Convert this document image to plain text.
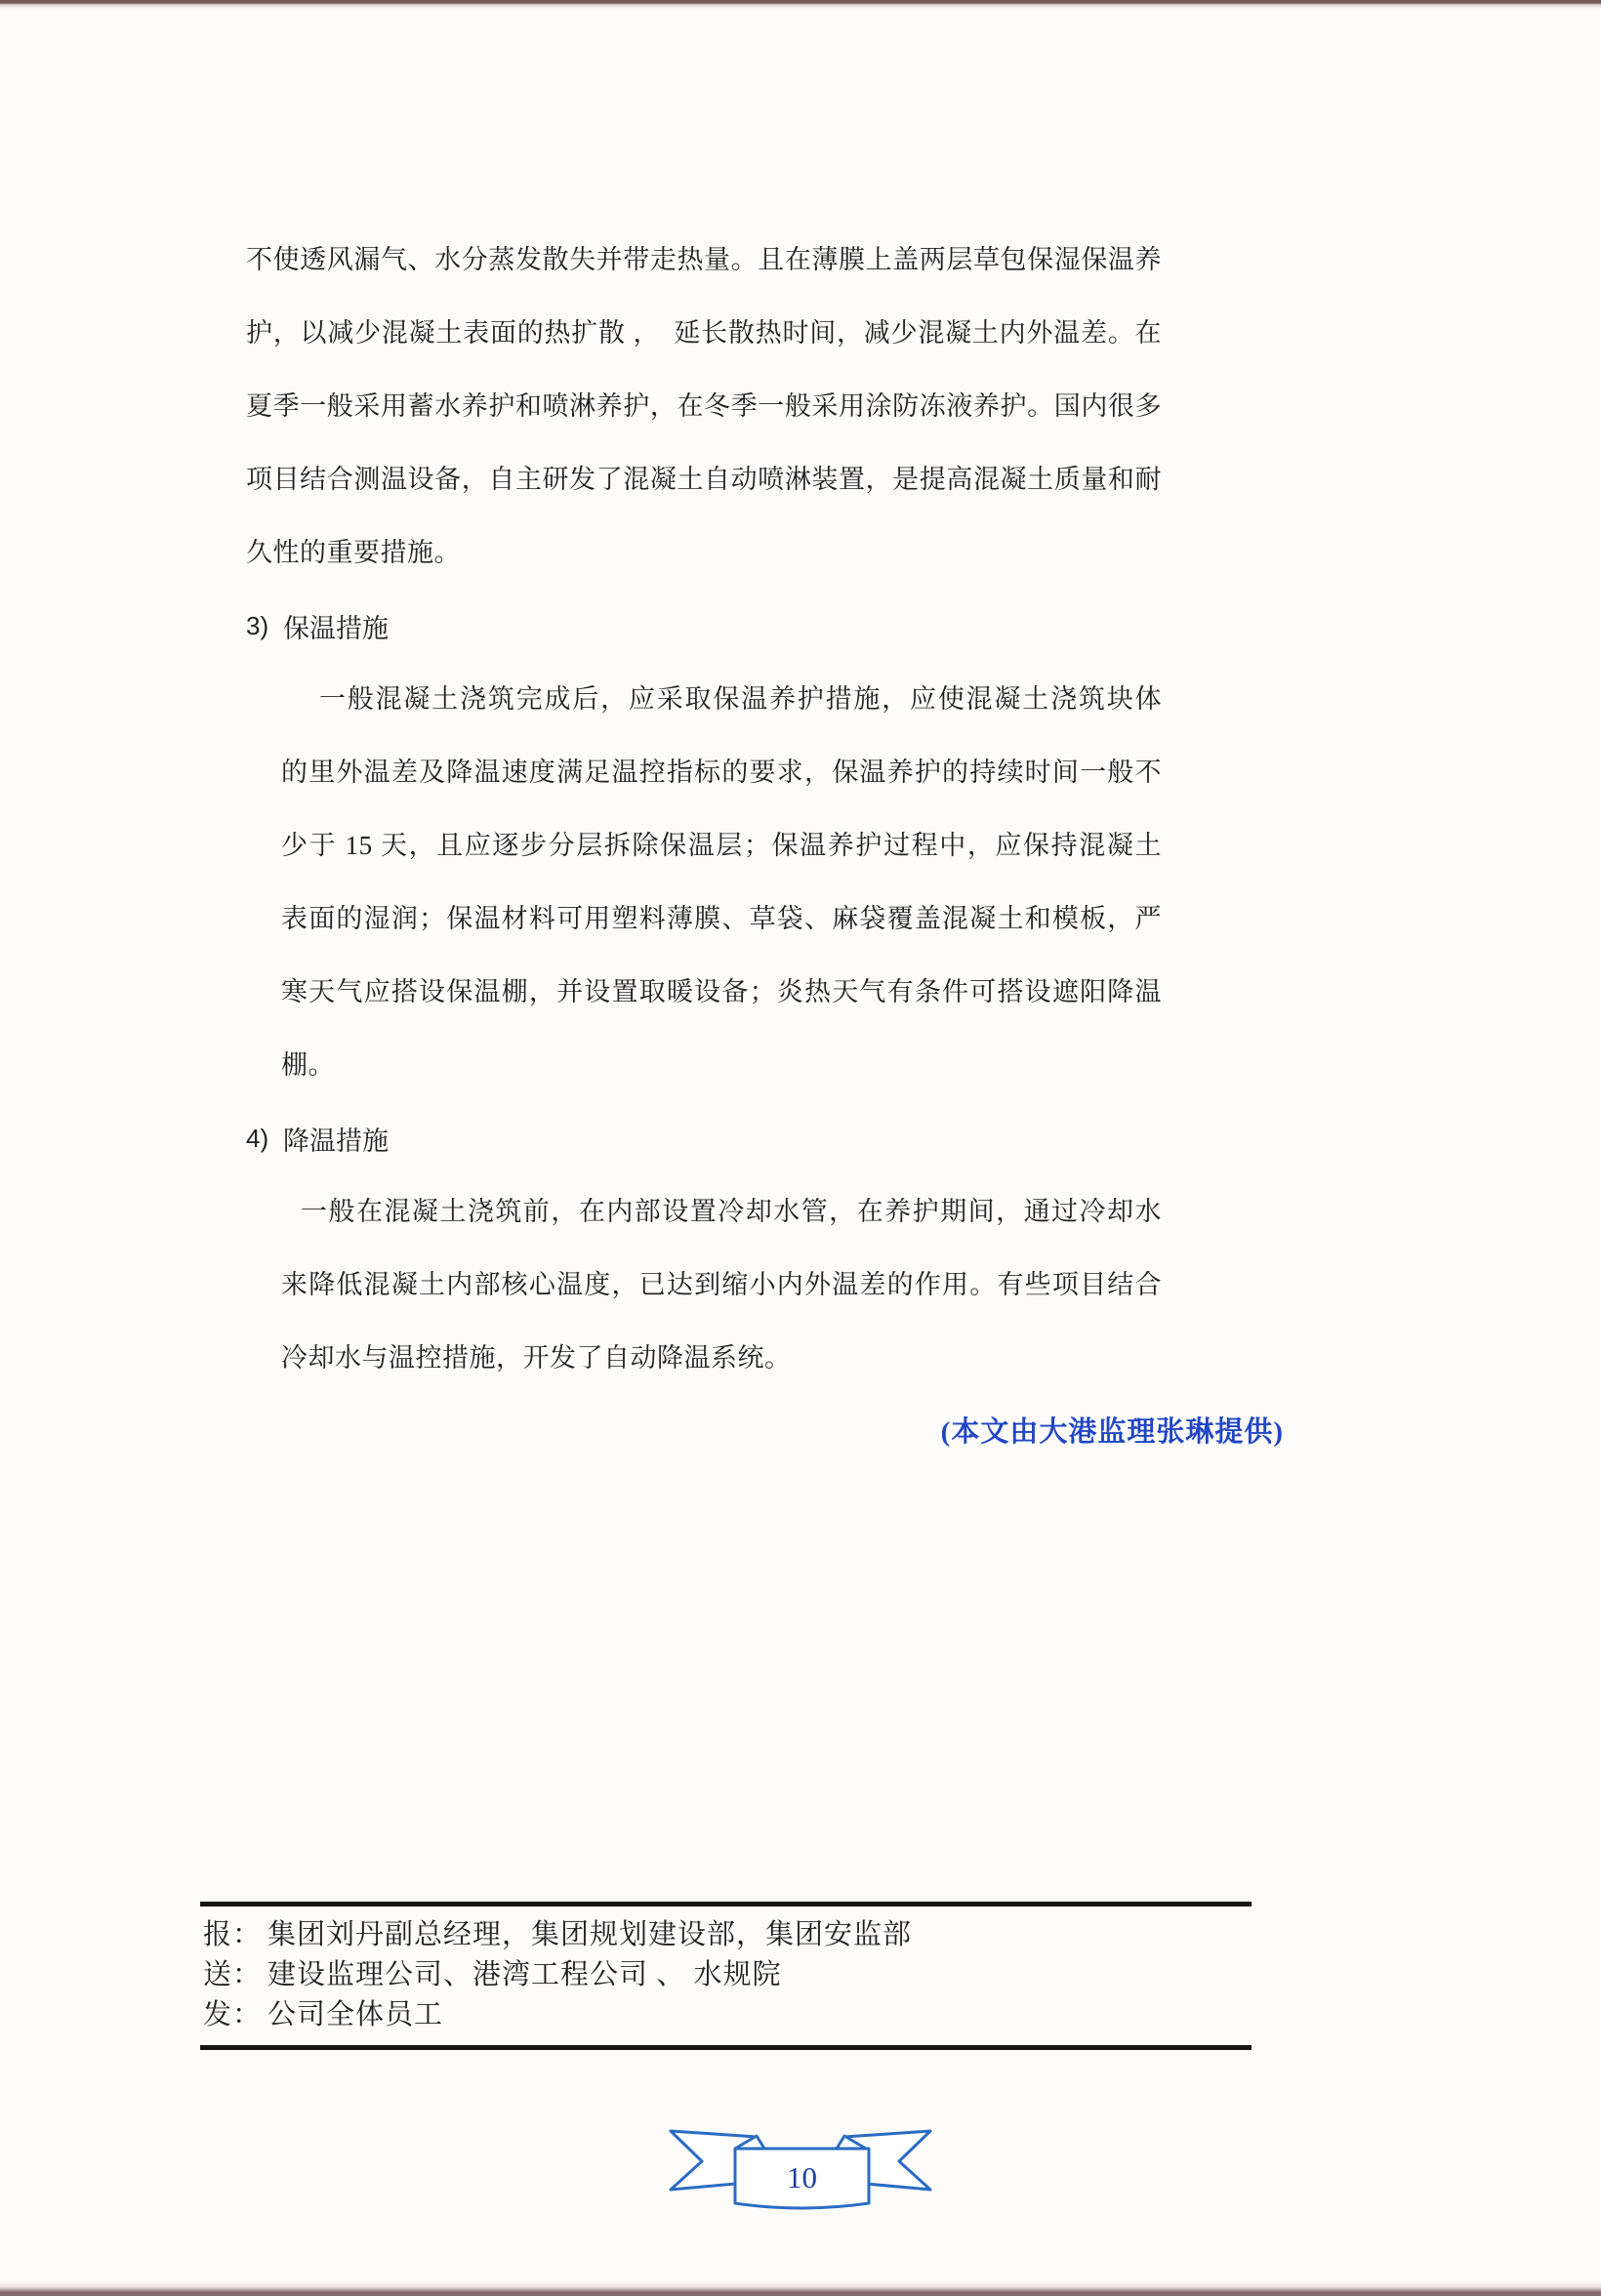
不使透风漏气、水分蒸发散失并带走热量。且在薄膜上盖两层草包保湿保温养
护，以减少混凝土表面的热扩散 ，　延长散热时间，减少混凝土内外温差。在
夏季一般采用蓄水养护和喷淋养护，在冬季一般采用涂防冻液养护。国内很多
项目结合测温设备，自主研发了混凝土自动喷淋装置，是提高混凝土质量和耐
久性的重要措施。
3) 保温措施
一般混凝土浇筑完成后，应采取保温养护措施，应使混凝土浇筑块体
的里外温差及降温速度满足温控指标的要求，保温养护的持续时间一般不
少于 15 天，且应逐步分层拆除保温层；保温养护过程中，应保持混凝土
表面的湿润；保温材料可用塑料薄膜、草袋、麻袋覆盖混凝土和模板，严
寒天气应搭设保温棚，并设置取暖设备；炎热天气有条件可搭设遮阳降温
棚。
4) 降温措施
一般在混凝土浇筑前，在内部设置冷却水管，在养护期间，通过冷却水
来降低混凝土内部核心温度，已达到缩小内外温差的作用。有些项目结合
冷却水与温控措施，开发了自动降温系统。
(本文由大港监理张琳提供)
报： 集团刘丹副总经理，集团规划建设部，集团安监部
送： 建设监理公司、港湾工程公司 、 水规院
发： 公司全体员工
10
